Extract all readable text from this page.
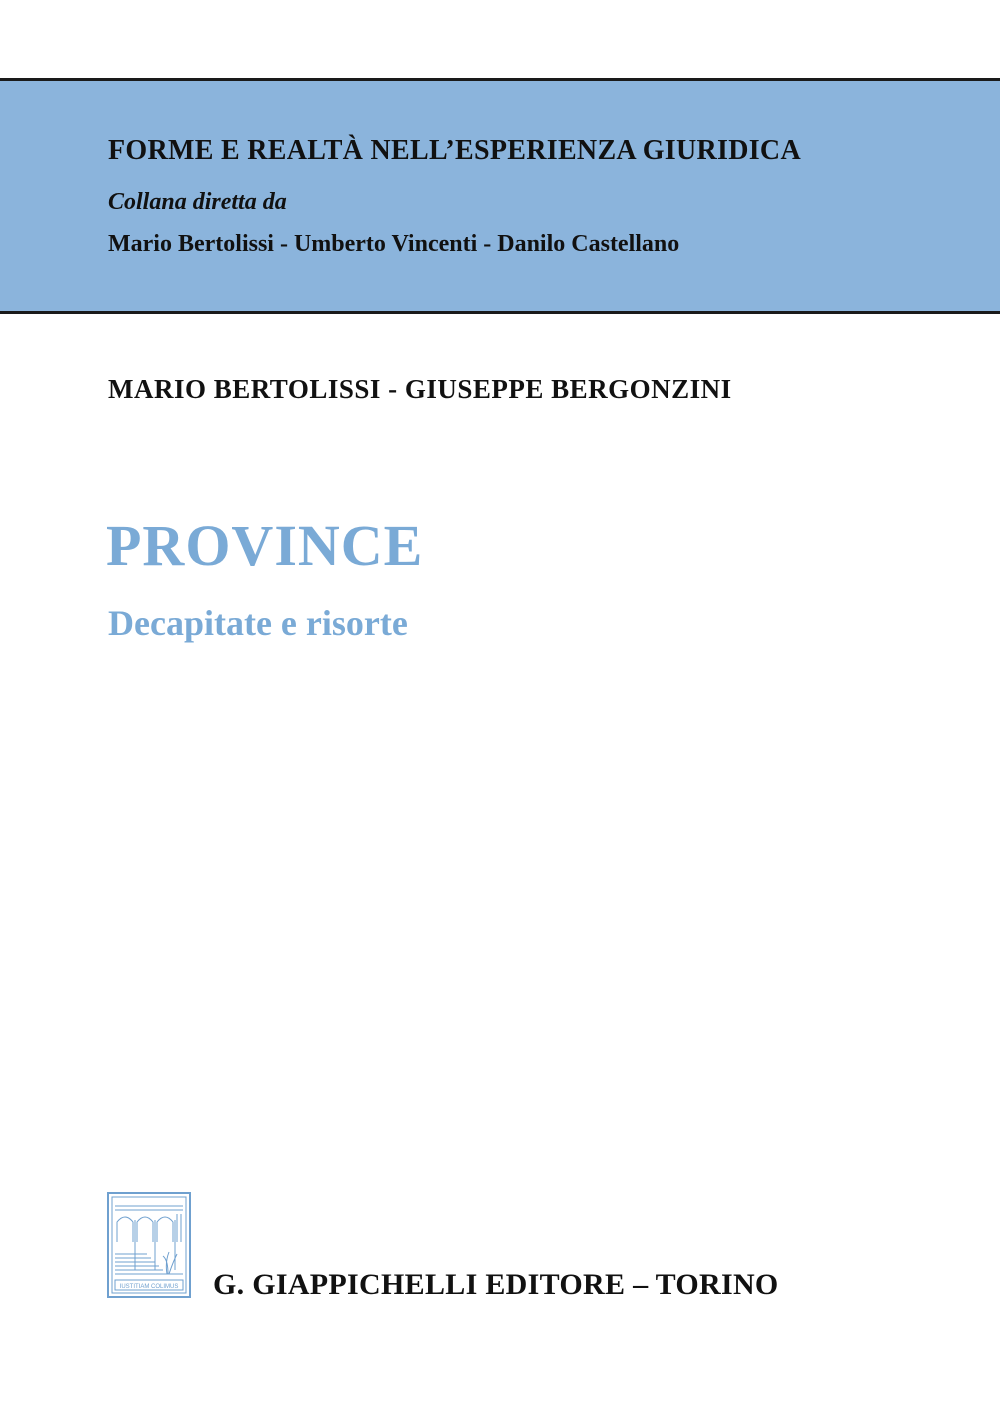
FORME E REALTÀ NELL’ESPERIENZA GIURIDICA
Collana diretta da
Mario Bertolissi - Umberto Vincenti - Danilo Castellano
MARIO BERTOLISSI - GIUSEPPE BERGONZINI
PROVINCE
Decapitate e risorte
IUSTITIAM COLIMUS G. GIAPPICHELLI EDITORE – TORINO
